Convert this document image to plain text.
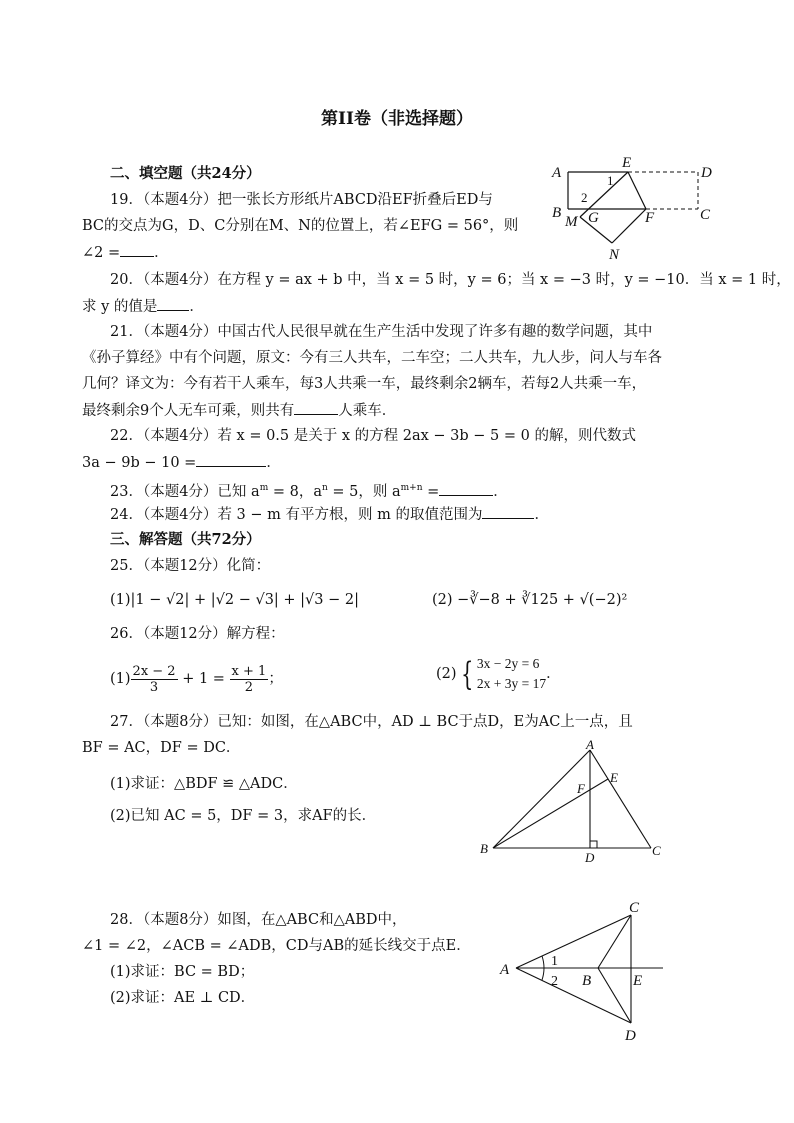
第II卷（非选择题）
二、填空题（共24分）
19．（本题4分）把一张长方形纸片ABCD沿EF折叠后ED与
BC的交点为G，D、C分别在M、N的位置上，若∠EFG = 56°，则
∠2 = ．
A
E
D
B
M G	F	C
N
1
2
20．（本题4分）在方程 y = ax + b 中，当 x = 5 时，y = 6；当 x = −3 时，y = −10．当 x = 1 时，
求 y 的值是 ．
21．（本题4分）中国古代人民很早就在生产生活中发现了许多有趣的数学问题，其中
《孙子算经》中有个问题，原文：今有三人共车，二车空；二人共车，九人步，问人与车各
几何？译文为：今有若干人乘车，每3人共乘一车，最终剩余2辆车，若每2人共乘一车，
最终剩余9个人无车可乘，则共有	人乘车．
22．（本题4分）若 x = 0.5 是关于 x 的方程 2ax − 3b − 5 = 0 的解，则代数式
3a − 9b − 10 =	．
23．（本题4分）已知 $a^m = 8$，$a^n = 5$，则 $a^{m+n}$ =	．
24．（本题4分）若 3 − m 有平方根，则 m 的取值范围为	．
三、解答题（共72分）
25．（本题12分）化简：
(1)|1 − √2| + |√2 − √3| + |√3 − 2|	(2) −∛−8 + ∛125 + √(−2)²
26．（本题12分）解方程：
$(1) \frac{2x - 2}{3} + 1 = \frac{x + 1}{2}$ ；	(2) { 3x − 2y = 6
2x + 3y = 17
．
27．（本题8分）已知：如图，在△ABC中，AD ⊥ BC于点D，E为AC上一点，且
BF = AC，DF = DC．
(1)求证：△BDF ≌ △ADC．
(2)已知 AC = 5，DF = 3，求AF的长．
A
E
F
B
D	C
28．（本题8分）如图，在△ABC和△ABD中，
∠1 = ∠2，∠ACB = ∠ADB，CD与AB的延长线交于点E．
(1)求证：BC = BD；
(2)求证：AE ⊥ CD．
A
B	E
C
D
1
2
